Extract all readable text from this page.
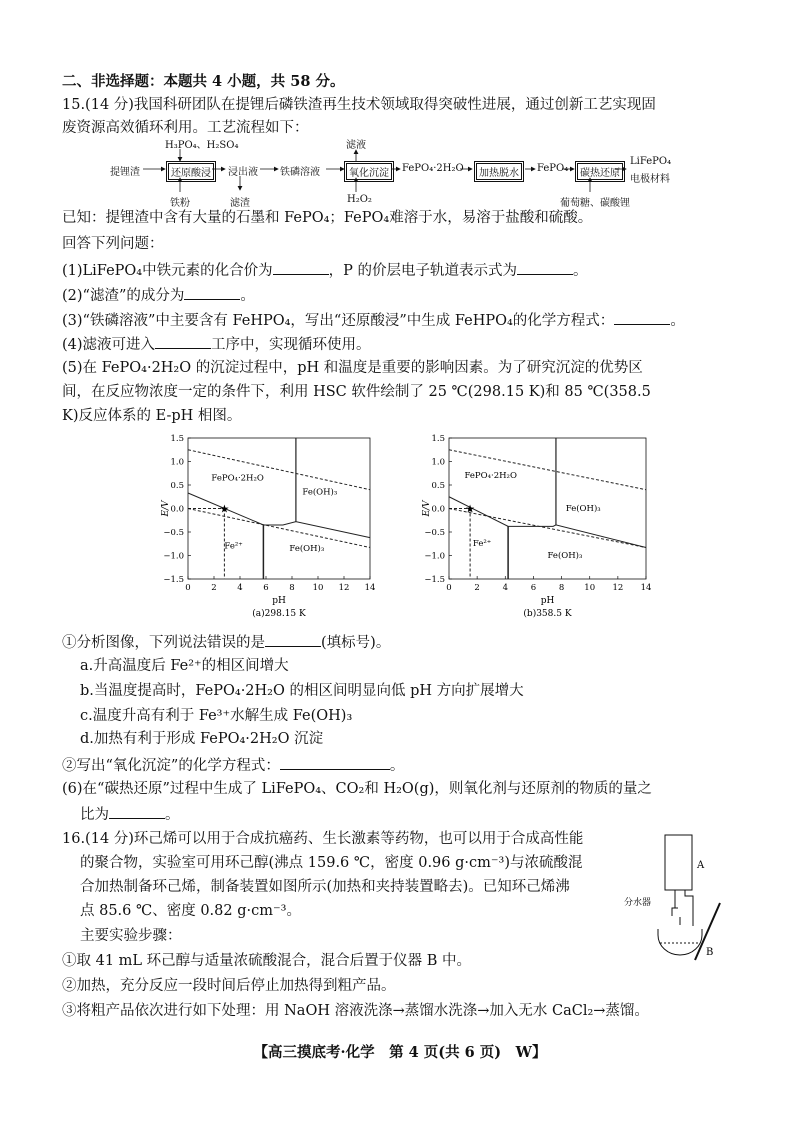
二、非选择题：本题共 4 小题，共 58 分。
15.(14 分)我国科研团队在提锂后磷铁渣再生技术领域取得突破性进展，通过创新工艺实现固
废资源高效循环利用。工艺流程如下：
提锂渣	还原酸浸
H₃PO₄、H₂SO₄
铁粉
浸出液
滤渣
铁磷溶液	氧化沉淀
滤液
H₂O₂
FePO₄·2H₂O	加热脱水	FePO₄	碳热还原
葡萄糖、碳酸锂
LiFePO₄
电极材料
已知：提锂渣中含有大量的石墨和 FePO₄；FePO₄难溶于水，易溶于盐酸和硫酸。
回答下列问题：
(1)LiFePO₄中铁元素的化合价为	，P 的价层电子轨道表示式为	。
(2)“滤渣”的成分为	。
(3)“铁磷溶液”中主要含有 FeHPO₄，写出“还原酸浸”中生成 FeHPO₄的化学方程式：	。
(4)滤液可进入	工序中，实现循环使用。
(5)在 FePO₄·2H₂O 的沉淀过程中，pH 和温度是重要的影响因素。为了研究沉淀的优势区
间，在反应物浓度一定的条件下，利用 HSC 软件绘制了 25 ℃(298.15 K)和 85 ℃(358.5
K)反应体系的 E-pH 相图。
★
0 2 4 6 8 10 12 14
1.5
1.0
0.5
0.0
−0.5
−1.0
−1.5
pH
(a)298.15 K
E/V
FePO₄·2H₂O
Fe(OH)₃
Fe²⁺	Fe(OH)₃
★
0	2	4	6	8 10 12 14
1.5
1.0
0.5
0.0
−0.5
−1.0
−1.5
pH
(b)358.5 K
E/V
FePO₄·2H₂O
Fe(OH)₃
Fe²⁺
Fe(OH)₃
①分析图像，下列说法错误的是	(填标号)。
a.升高温度后 Fe²⁺的相区间增大
b.当温度提高时，FePO₄·2H₂O 的相区间明显向低 pH 方向扩展增大
c.温度升高有利于 Fe³⁺水解生成 Fe(OH)₃
d.加热有利于形成 FePO₄·2H₂O 沉淀
②写出“氧化沉淀”的化学方程式：	。
(6)在“碳热还原”过程中生成了 LiFePO₄、CO₂和 H₂O(g)，则氧化剂与还原剂的物质的量之
比为	。
16.(14 分)环己烯可以用于合成抗癌药、生长激素等药物，也可以用于合成高性能
的聚合物，实验室可用环己醇(沸点 159.6 ℃，密度 0.96 g·cm⁻³)与浓硫酸混
合加热制备环己烯，制备装置如图所示(加热和夹持装置略去)。已知环己烯沸
点 85.6 ℃、密度 0.82 g·cm⁻³。
主要实验步骤：
①取 41 mL 环己醇与适量浓硫酸混合，混合后置于仪器 B 中。
②加热，充分反应一段时间后停止加热得到粗产品。
③将粗产品依次进行如下处理：用 NaOH 溶液洗涤→蒸馏水洗涤→加入无水 CaCl₂→蒸馏。
A
B
分水器
【高三摸底考·化学　第 4 页(共 6 页)　W】
